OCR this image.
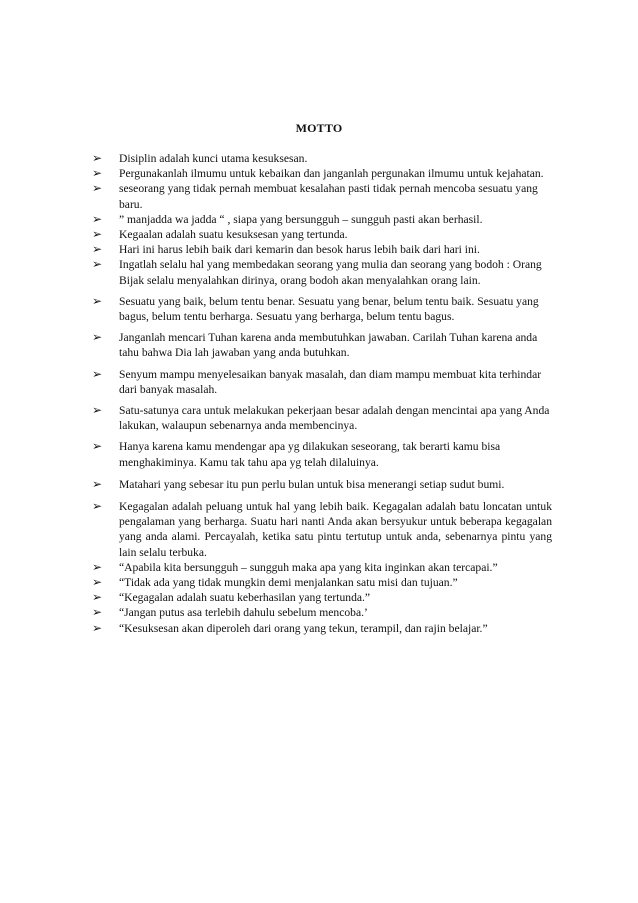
MOTTO
➢ Disiplin adalah kunci utama kesuksesan.
➢ Pergunakanlah ilmumu untuk kebaikan dan janganlah pergunakan ilmumu untuk kejahatan.
➢ seseorang yang tidak pernah membuat kesalahan pasti tidak pernah mencoba sesuatu yang baru.
➢ ” manjadda wa jadda “ , siapa yang bersungguh – sungguh pasti akan berhasil.
➢ Kegaalan adalah suatu kesuksesan yang tertunda.
➢ Hari ini harus lebih baik dari kemarin dan besok harus lebih baik dari hari ini.
➢ Ingatlah selalu hal yang membedakan seorang yang mulia dan seorang yang bodoh : Orang Bijak selalu menyalahkan dirinya, orang bodoh akan menyalahkan orang lain.
➢ Sesuatu yang baik, belum tentu benar. Sesuatu yang benar, belum tentu baik. Sesuatu yang bagus, belum tentu berharga. Sesuatu yang berharga, belum tentu bagus.
➢ Janganlah mencari Tuhan karena anda membutuhkan jawaban. Carilah Tuhan karena anda tahu bahwa Dia lah jawaban yang anda butuhkan.
➢ Senyum mampu menyelesaikan banyak masalah, dan diam mampu membuat kita terhindar dari banyak masalah.
➢ Satu-satunya cara untuk melakukan pekerjaan besar adalah dengan mencintai apa yang Anda lakukan, walaupun sebenarnya anda membencinya.
➢ Hanya karena kamu mendengar apa yg dilakukan seseorang, tak berarti kamu bisa menghakiminya. Kamu tak tahu apa yg telah dilaluinya.
➢ Matahari yang sebesar itu pun perlu bulan untuk bisa menerangi setiap sudut bumi.
➢ Kegagalan adalah peluang untuk hal yang lebih baik. Kegagalan adalah batu loncatan untuk pengalaman yang berharga. Suatu hari nanti Anda akan bersyukur untuk beberapa kegagalan yang anda alami. Percayalah, ketika satu pintu tertutup untuk anda, sebenarnya pintu yang lain selalu terbuka.
➢ “Apabila kita bersungguh – sungguh maka apa yang kita inginkan akan tercapai.”
➢ “Tidak ada yang tidak mungkin demi menjalankan satu misi dan tujuan.”
➢ “Kegagalan adalah suatu keberhasilan yang tertunda.”
➢ “Jangan putus asa terlebih dahulu sebelum mencoba.’
➢ “Kesuksesan akan diperoleh dari orang yang tekun, terampil, dan rajin belajar.”
